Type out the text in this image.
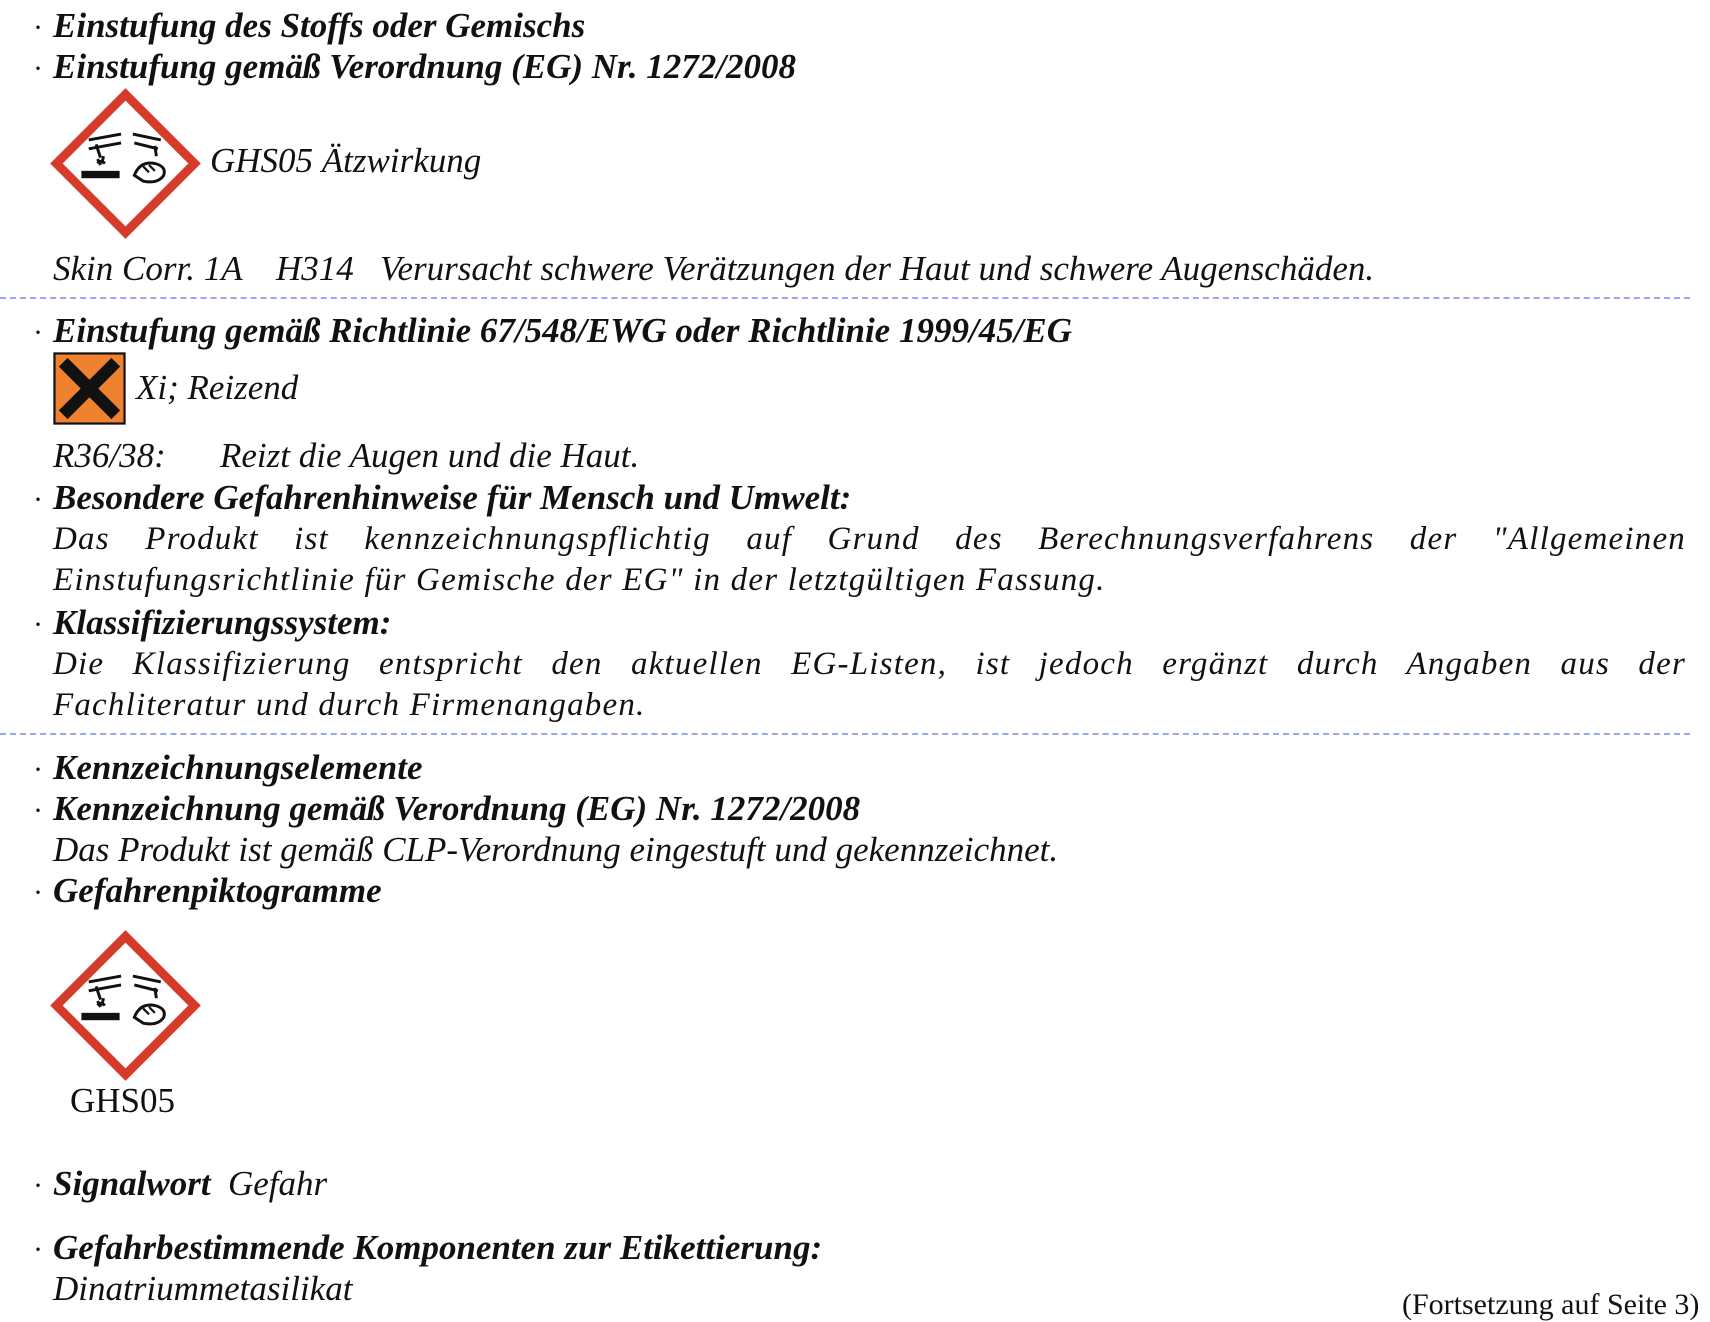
· Einstufung des Stoffs oder Gemischs
· Einstufung gemäß Verordnung (EG) Nr. 1272/2008
GHS05 Ätzwirkung
Skin Corr. 1A H314 Verursacht schwere Verätzungen der Haut und schwere Augenschäden.
· Einstufung gemäß Richtlinie 67/548/EWG oder Richtlinie 1999/45/EG
Xi; Reizend
R36/38: Reizt die Augen und die Haut.
· Besondere Gefahrenhinweise für Mensch und Umwelt:
Das Produkt ist kennzeichnungspflichtig auf Grund des Berechnungsverfahrens der "Allgemeinen
Einstufungsrichtlinie für Gemische der EG" in der letztgültigen Fassung.
· Klassifizierungssystem:
Die Klassifizierung entspricht den aktuellen EG-Listen, ist jedoch ergänzt durch Angaben aus der
Fachliteratur und durch Firmenangaben.
· Kennzeichnungselemente
· Kennzeichnung gemäß Verordnung (EG) Nr. 1272/2008
Das Produkt ist gemäß CLP-Verordnung eingestuft und gekennzeichnet.
· Gefahrenpiktogramme
GHS05
· Signalwort Gefahr
· Gefahrbestimmende Komponenten zur Etikettierung:
Dinatriummetasilikat	(Fortsetzung auf Seite 3)
